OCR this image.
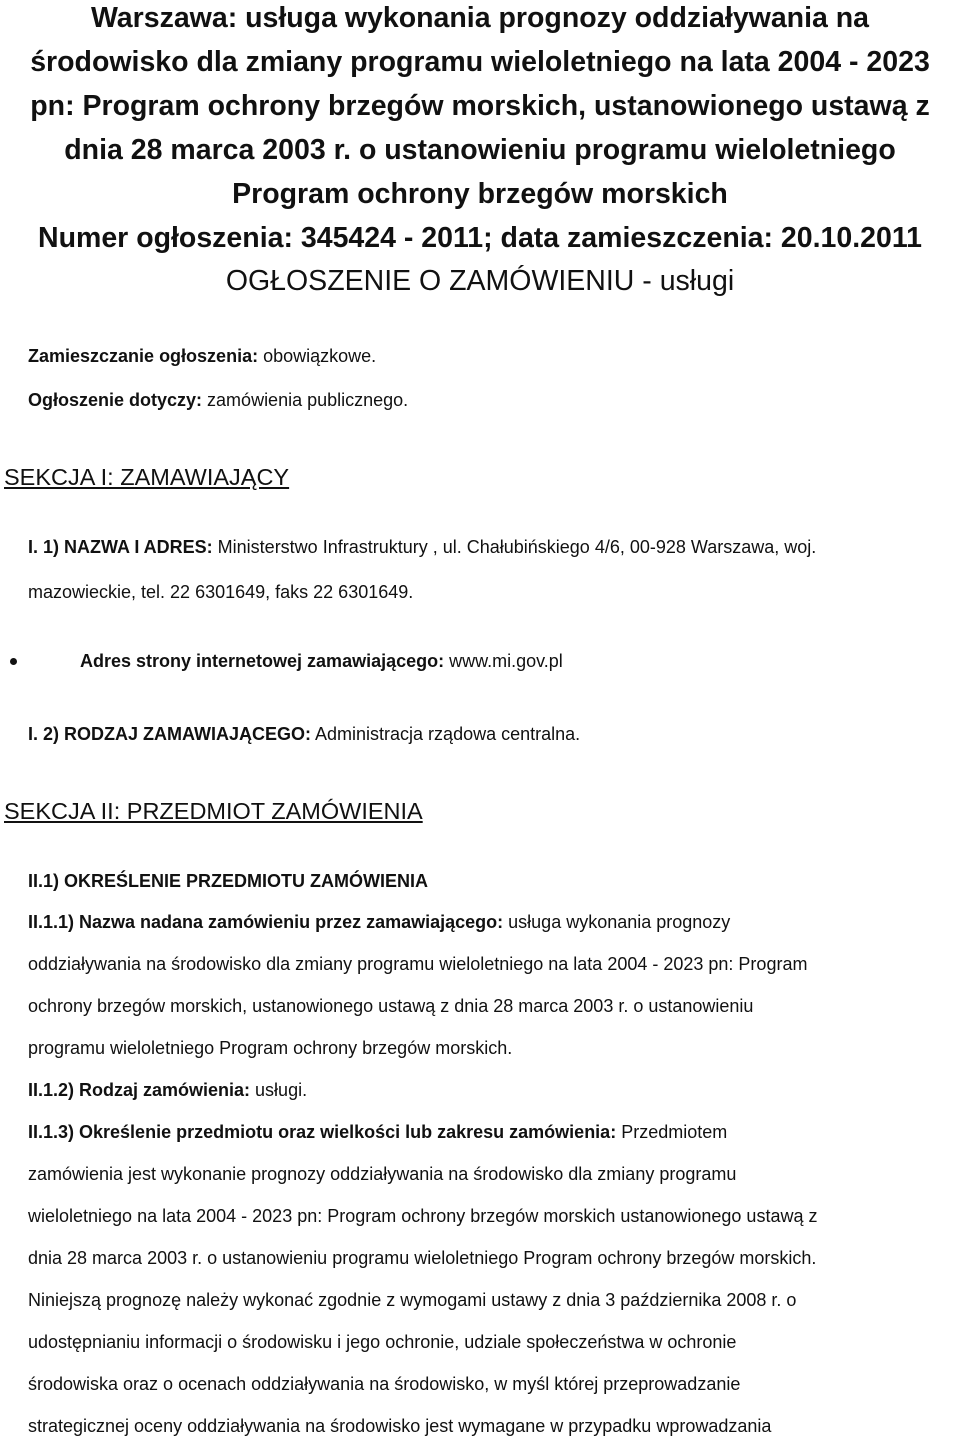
Warszawa: usługa wykonania prognozy oddziaływania na
środowisko dla zmiany programu wieloletniego na lata 2004 - 2023
pn: Program ochrony brzegów morskich, ustanowionego ustawą z
dnia 28 marca 2003 r. o ustanowieniu programu wieloletniego
Program ochrony brzegów morskich
Numer ogłoszenia: 345424 - 2011; data zamieszczenia: 20.10.2011
OGŁOSZENIE O ZAMÓWIENIU - usługi
Zamieszczanie ogłoszenia: obowiązkowe.
Ogłoszenie dotyczy: zamówienia publicznego.
SEKCJA I: ZAMAWIAJĄCY
I. 1) NAZWA I ADRES: Ministerstwo Infrastruktury , ul. Chałubińskiego 4/6, 00-928 Warszawa, woj.
mazowieckie, tel. 22 6301649, faks 22 6301649.
Adres strony internetowej zamawiającego: www.mi.gov.pl
I. 2) RODZAJ ZAMAWIAJĄCEGO: Administracja rządowa centralna.
SEKCJA II: PRZEDMIOT ZAMÓWIENIA
II.1) OKREŚLENIE PRZEDMIOTU ZAMÓWIENIA

II.1.1) Nazwa nadana zamówieniu przez zamawiającego: usługa wykonania prognozy

oddziaływania na środowisko dla zmiany programu wieloletniego na lata 2004 - 2023 pn: Program

ochrony brzegów morskich, ustanowionego ustawą z dnia 28 marca 2003 r. o ustanowieniu

programu wieloletniego Program ochrony brzegów morskich.

II.1.2) Rodzaj zamówienia: usługi.

II.1.3) Określenie przedmiotu oraz wielkości lub zakresu zamówienia: Przedmiotem

zamówienia jest wykonanie prognozy oddziaływania na środowisko dla zmiany programu

wieloletniego na lata 2004 - 2023 pn: Program ochrony brzegów morskich ustanowionego ustawą z

dnia 28 marca 2003 r. o ustanowieniu programu wieloletniego Program ochrony brzegów morskich.

Niniejszą prognozę należy wykonać zgodnie z wymogami ustawy z dnia 3 października 2008 r. o

udostępnianiu informacji o środowisku i jego ochronie, udziale społeczeństwa w ochronie

środowiska oraz o ocenach oddziaływania na środowisko, w myśl której przeprowadzanie

strategicznej oceny oddziaływania na środowisko jest wymagane w przypadku wprowadzania
